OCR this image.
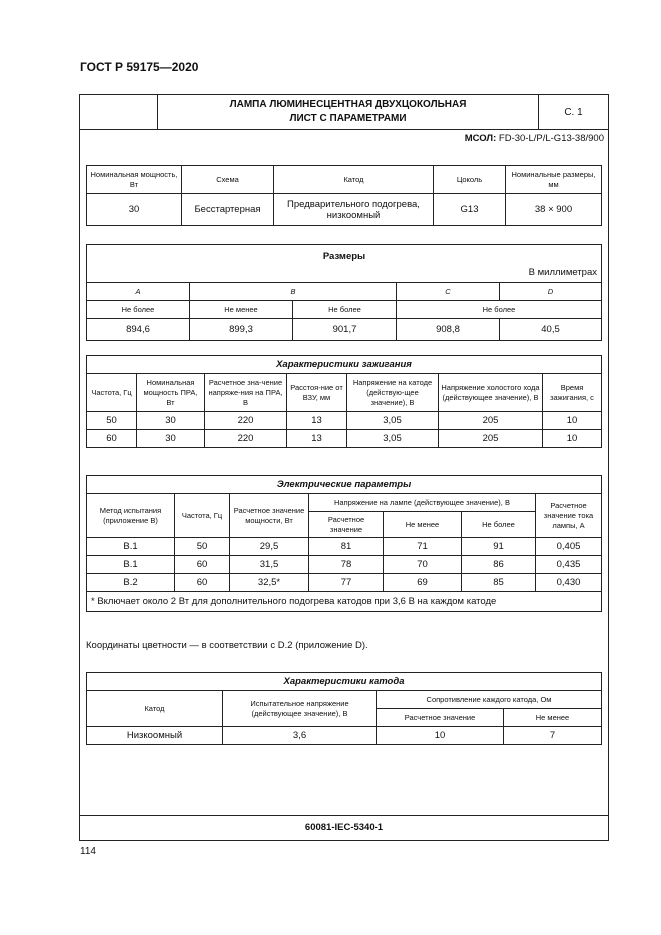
ГОСТ Р 59175—2020

ЛАМПА ЛЮМИНЕСЦЕНТНАЯ ДВУХЦОКОЛЬНАЯ
ЛИСТ С ПАРАМЕТРАМИ
	С. 1
МСОЛ: FD-30-L/P/L-G13-38/900
Номинальная мощность, Вт	Схема	Катод	Цоколь	Номинальные размеры, мм
30	Бесстартерная	Предварительного подогрева, низкоомный	G13	38 × 900
Размеры
В миллиметрах				

A	B		C	D
Не более	Не менее	Не более	Не более	
894,6	899,3	901,7	908,8	40,5
Характеристики зажигания						
Частота, Гц	Номинальная мощность ПРА, Вт	Расчетное зна-чение напряже-ния на ПРА, В	Расстоя-ние от ВЗУ, мм	Напряжение на катоде (действую-щее значение), В	Напряжение холостого хода (действующее значение), В	Время зажигания, с
50	30	220	13	3,05	205	10
60	30	220	13	3,05	205	10
Электрические параметры						
Метод испытания (приложение B)	Частота, Гц	Расчетное значение мощности, Вт	Напряжение на лампе (действующее значение), В			Расчетное значение тока лампы, А
			Расчетное значение	Не менее	Не более	
B.1	50	29,5	81	71	91	0,405
B.1	60	31,5	78	70	86	0,435
B.2	60	32,5*	77	69	85	0,430
* Включает около 2 Вт для дополнительного подогрева катодов при 3,6 В на каждом катоде						
Координаты цветности — в соответствии с D.2 (приложение D).
Характеристики катода			
Катод	Испытательное напряжение (действующее значение), В	Сопротивление каждого катода, Ом	
		Расчетное значение	Не менее
Низкоомный	3,6	10	7
60081-IEC-5340-1
114
